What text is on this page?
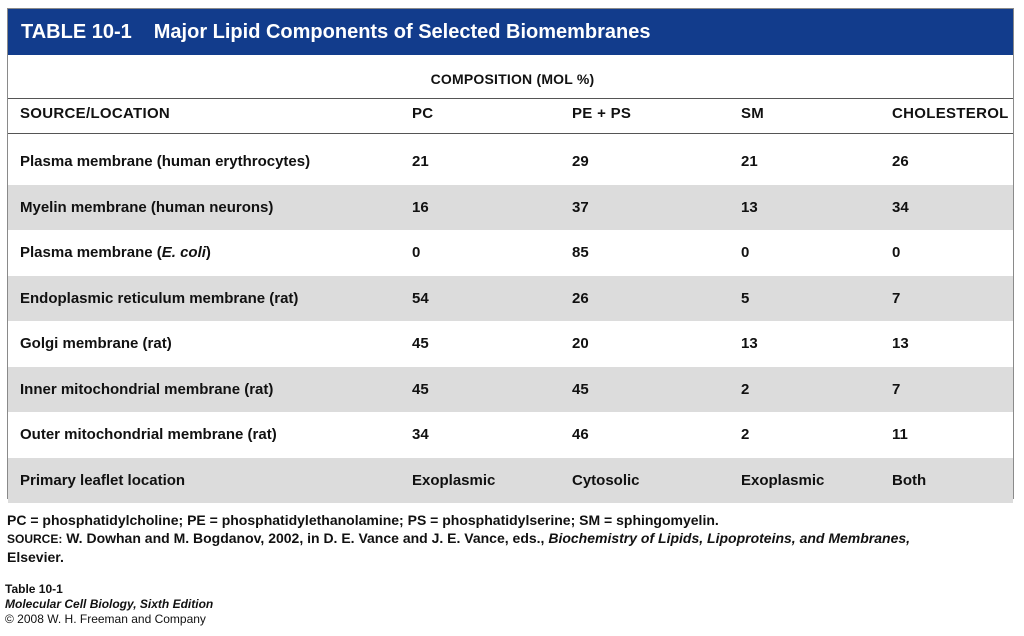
TABLE 10-1 Major Lipid Components of Selected Biomembranes
COMPOSITION (MOL %)
SOURCE/LOCATION	PC	PE + PS	SM	CHOLESTEROL
Plasma membrane (human erythrocytes)	21	29	21	26
Myelin membrane (human neurons)	16	37	13	34
Plasma membrane (E. coli)	0	85	0	0
Endoplasmic reticulum membrane (rat)	54	26	5	7
Golgi membrane (rat)	45	20	13	13
Inner mitochondrial membrane (rat)	45	45	2	7
Outer mitochondrial membrane (rat)	34	46	2	11
Primary leaflet location	Exoplasmic	Cytosolic	Exoplasmic	Both
PC = phosphatidylcholine; PE = phosphatidylethanolamine; PS = phosphatidylserine; SM = sphingomyelin.
SOURCE: W. Dowhan and M. Bogdanov, 2002, in D. E. Vance and J. E. Vance, eds., Biochemistry of Lipids, Lipoproteins, and Membranes,
Elsevier.
Table 10-1
Molecular Cell Biology, Sixth Edition
© 2008 W. H. Freeman and Company
